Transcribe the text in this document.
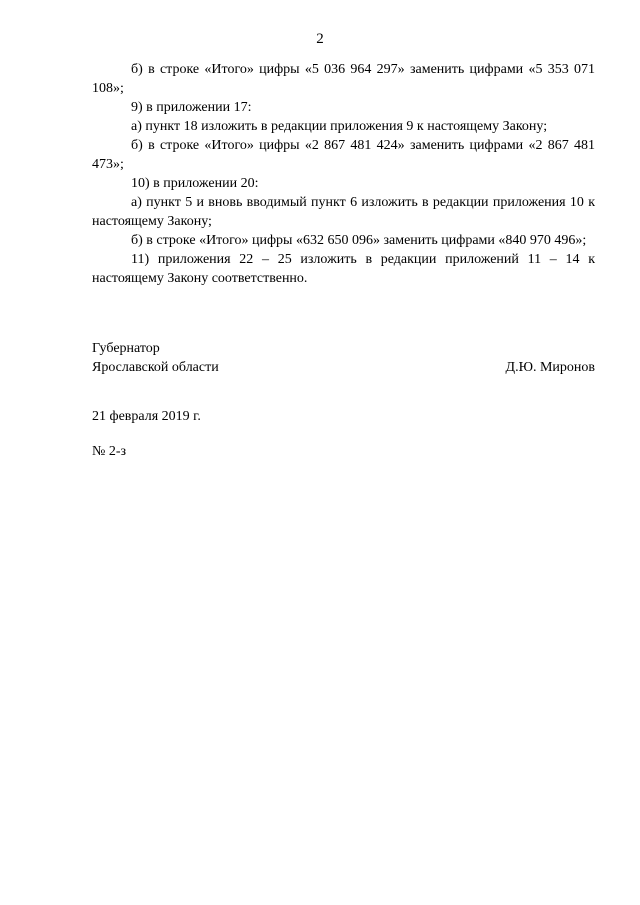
2

б) в строке «Итого» цифры «5 036 964 297» заменить цифрами «5 353 071 108»;

9) в приложении 17:

а) пункт 18 изложить в редакции приложения 9 к настоящему Закону;

б) в строке «Итого» цифры «2 867 481 424» заменить цифрами «2 867 481 473»;

10) в приложении 20:

а) пункт 5 и вновь вводимый пункт 6 изложить в редакции приложения 10 к настоящему Закону;

б) в строке «Итого» цифры «632 650 096» заменить цифрами «840 970 496»;

11) приложения 22 – 25 изложить в редакции приложений 11 – 14 к настоящему Закону соответственно.

Губернатор
Ярославской области	Д.Ю. Миронов
21 февраля 2019 г.
№ 2-з
